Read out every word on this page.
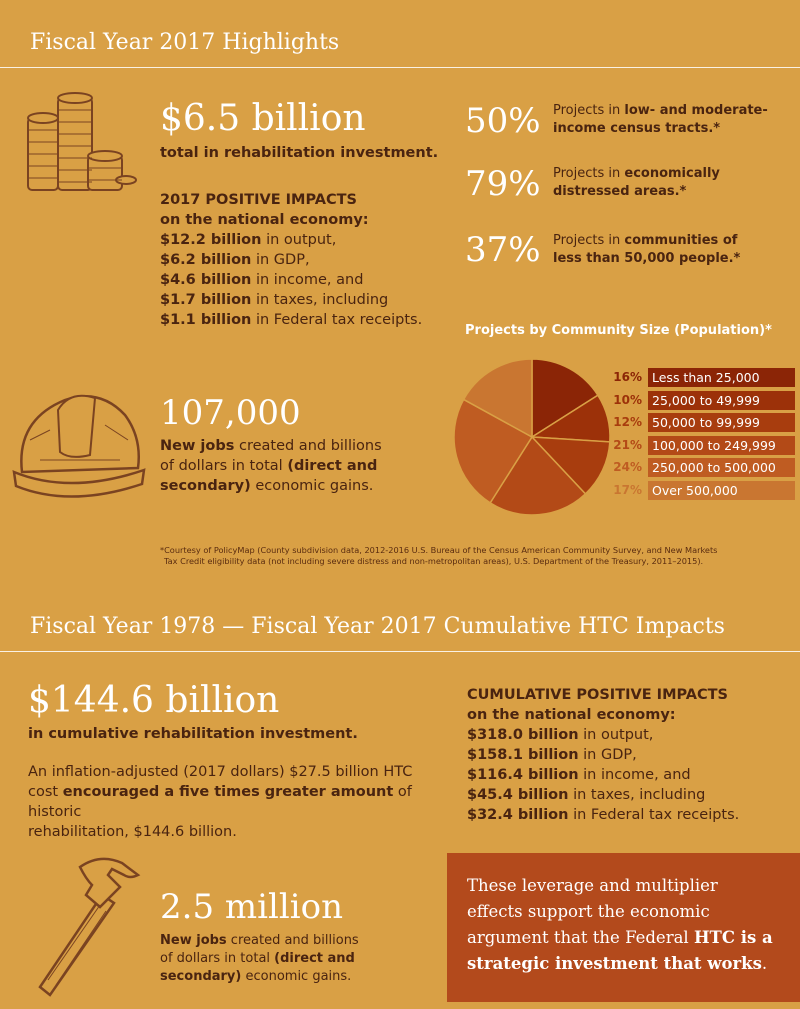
Fiscal Year 2017 Highlights
$6.5 billion
total in rehabilitation investment.
2017 POSITIVE IMPACTS
on the national economy:
$12.2 billion in output,
$6.2 billion in GDP,
$4.6 billion in income, and
$1.7 billion in taxes, including
$1.1 billion in Federal tax receipts.
107,000
New jobs created and billions
of dollars in total (direct and
secondary) economic gains.
50% Projects in low- and moderate-
income census tracts.*
79% Projects in economically
distressed areas.*
37% Projects in communities of
less than 50,000 people.*
Projects by Community Size (Population)*
16% Less than 25,000
10% 25,000 to 49,999
12% 50,000 to 99,999
21% 100,000 to 249,999
24% 250,000 to 500,000
17% Over 500,000
*Courtesy of PolicyMap (County subdivision data, 2012-2016 U.S. Bureau of the Census American Community Survey, and New Markets
Tax Credit eligibility data (not including severe distress and non-metropolitan areas), U.S. Department of the Treasury, 2011–2015).
Fiscal Year 1978 — Fiscal Year 2017 Cumulative HTC Impacts
$144.6 billion
in cumulative rehabilitation investment.
An inflation-adjusted (2017 dollars) $27.5 billion HTC
cost encouraged a five times greater amount of historic
rehabilitation, $144.6 billion.
CUMULATIVE POSITIVE IMPACTS
on the national economy:
$318.0 billion in output,
$158.1 billion in GDP,
$116.4 billion in income, and
$45.4 billion in taxes, including
$32.4 billion in Federal tax receipts.
2.5 million
New jobs created and billions
of dollars in total (direct and
secondary) economic gains.
These leverage and multiplier
effects support the economic
argument that the Federal HTC is a
strategic investment that works.
